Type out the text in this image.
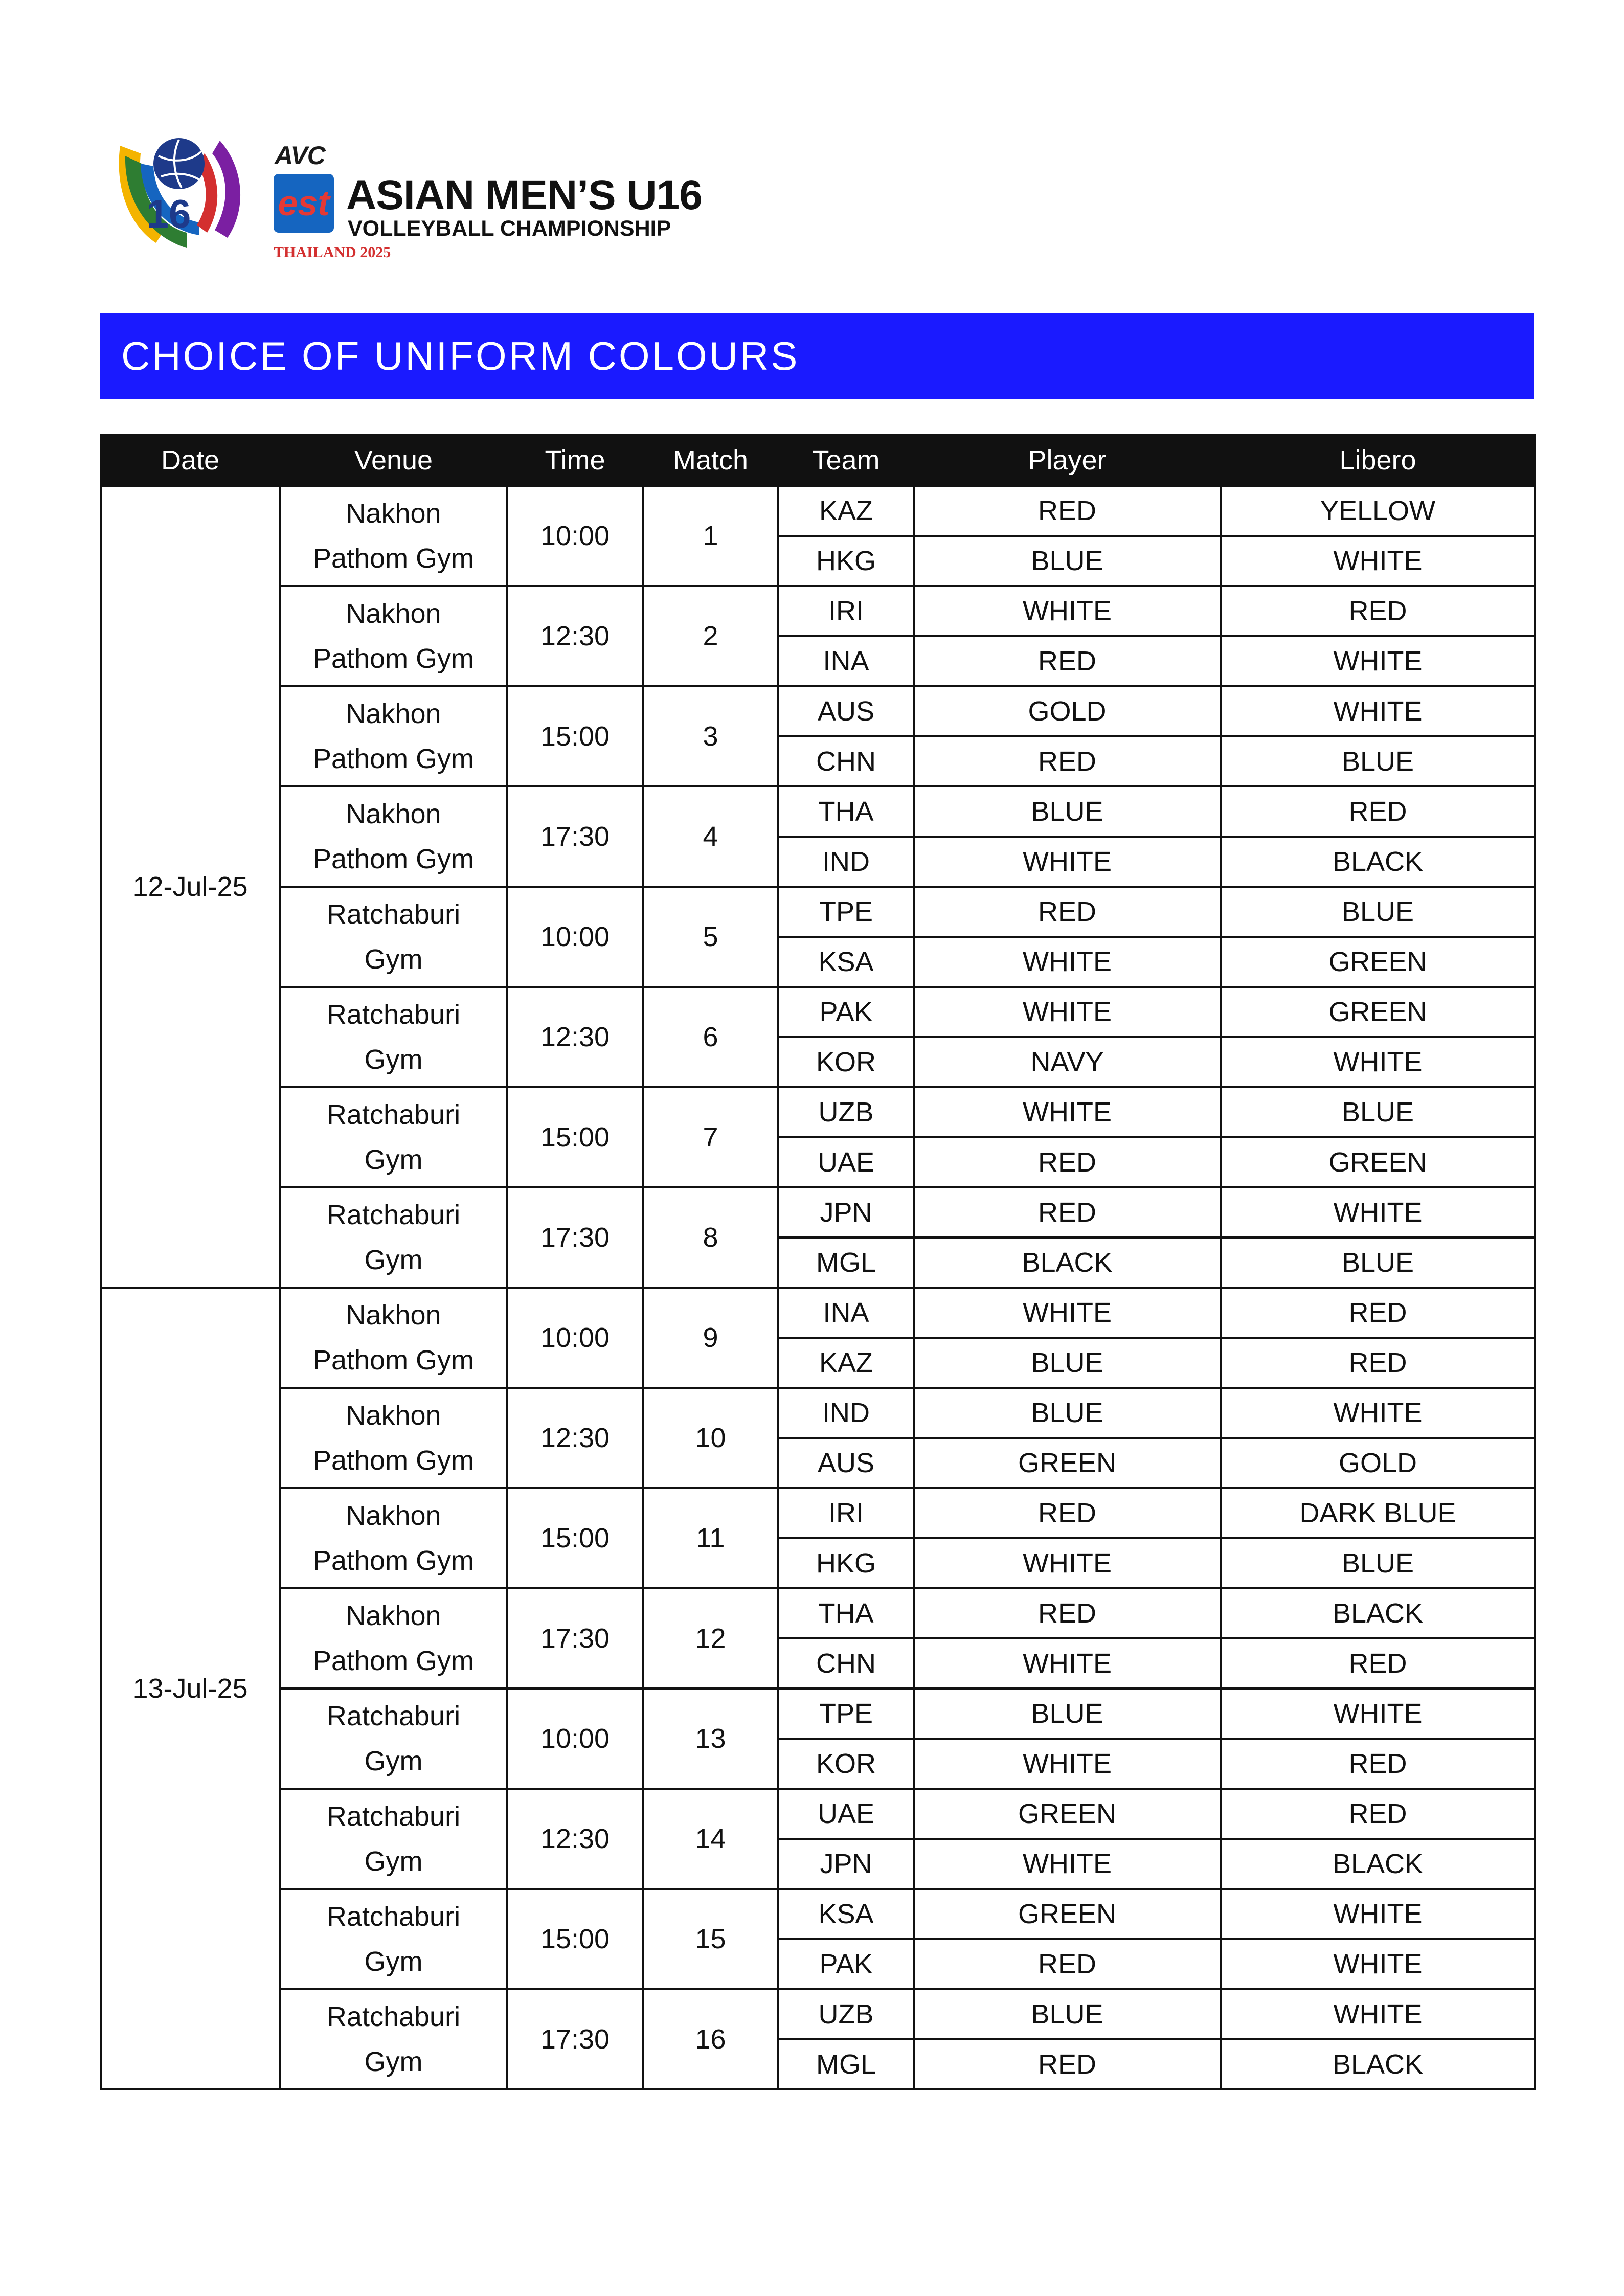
16
AVC
est ASIAN MEN’S U16
VOLLEYBALL CHAMPIONSHIP
THAILAND 2025
CHOICE OF UNIFORM COLOURS
Date	Venue	Time	Match	Team	Player	Libero
12-Jul-25	Nakhon
Pathom Gym	10:00	1	KAZ	RED	YELLOW
				HKG	BLUE	WHITE

	Nakhon
Pathom Gym	12:30	2	IRI	WHITE	RED
				INA	RED	WHITE

	Nakhon
Pathom Gym	15:00	3	AUS	GOLD	WHITE
				CHN	RED	BLUE

	Nakhon
Pathom Gym	17:30	4	THA	BLUE	RED
				IND	WHITE	BLACK

	Ratchaburi
Gym	10:00	5	TPE	RED	BLUE
				KSA	WHITE	GREEN

	Ratchaburi
Gym	12:30	6	PAK	WHITE	GREEN
				KOR	NAVY	WHITE

	Ratchaburi
Gym	15:00	7	UZB	WHITE	BLUE
				UAE	RED	GREEN

	Ratchaburi
Gym	17:30	8	JPN	RED	WHITE
				MGL	BLACK	BLUE
13-Jul-25	Nakhon
Pathom Gym	10:00	9	INA	WHITE	RED
				KAZ	BLUE	RED

	Nakhon
Pathom Gym	12:30	10	IND	BLUE	WHITE
				AUS	GREEN	GOLD

	Nakhon
Pathom Gym	15:00	11	IRI	RED	DARK BLUE
				HKG	WHITE	BLUE

	Nakhon
Pathom Gym	17:30	12	THA	RED	BLACK
				CHN	WHITE	RED

	Ratchaburi
Gym	10:00	13	TPE	BLUE	WHITE
				KOR	WHITE	RED

	Ratchaburi
Gym	12:30	14	UAE	GREEN	RED
				JPN	WHITE	BLACK

	Ratchaburi
Gym	15:00	15	KSA	GREEN	WHITE
				PAK	RED	WHITE

	Ratchaburi
Gym	17:30	16	UZB	BLUE	WHITE
				MGL	RED	BLACK
